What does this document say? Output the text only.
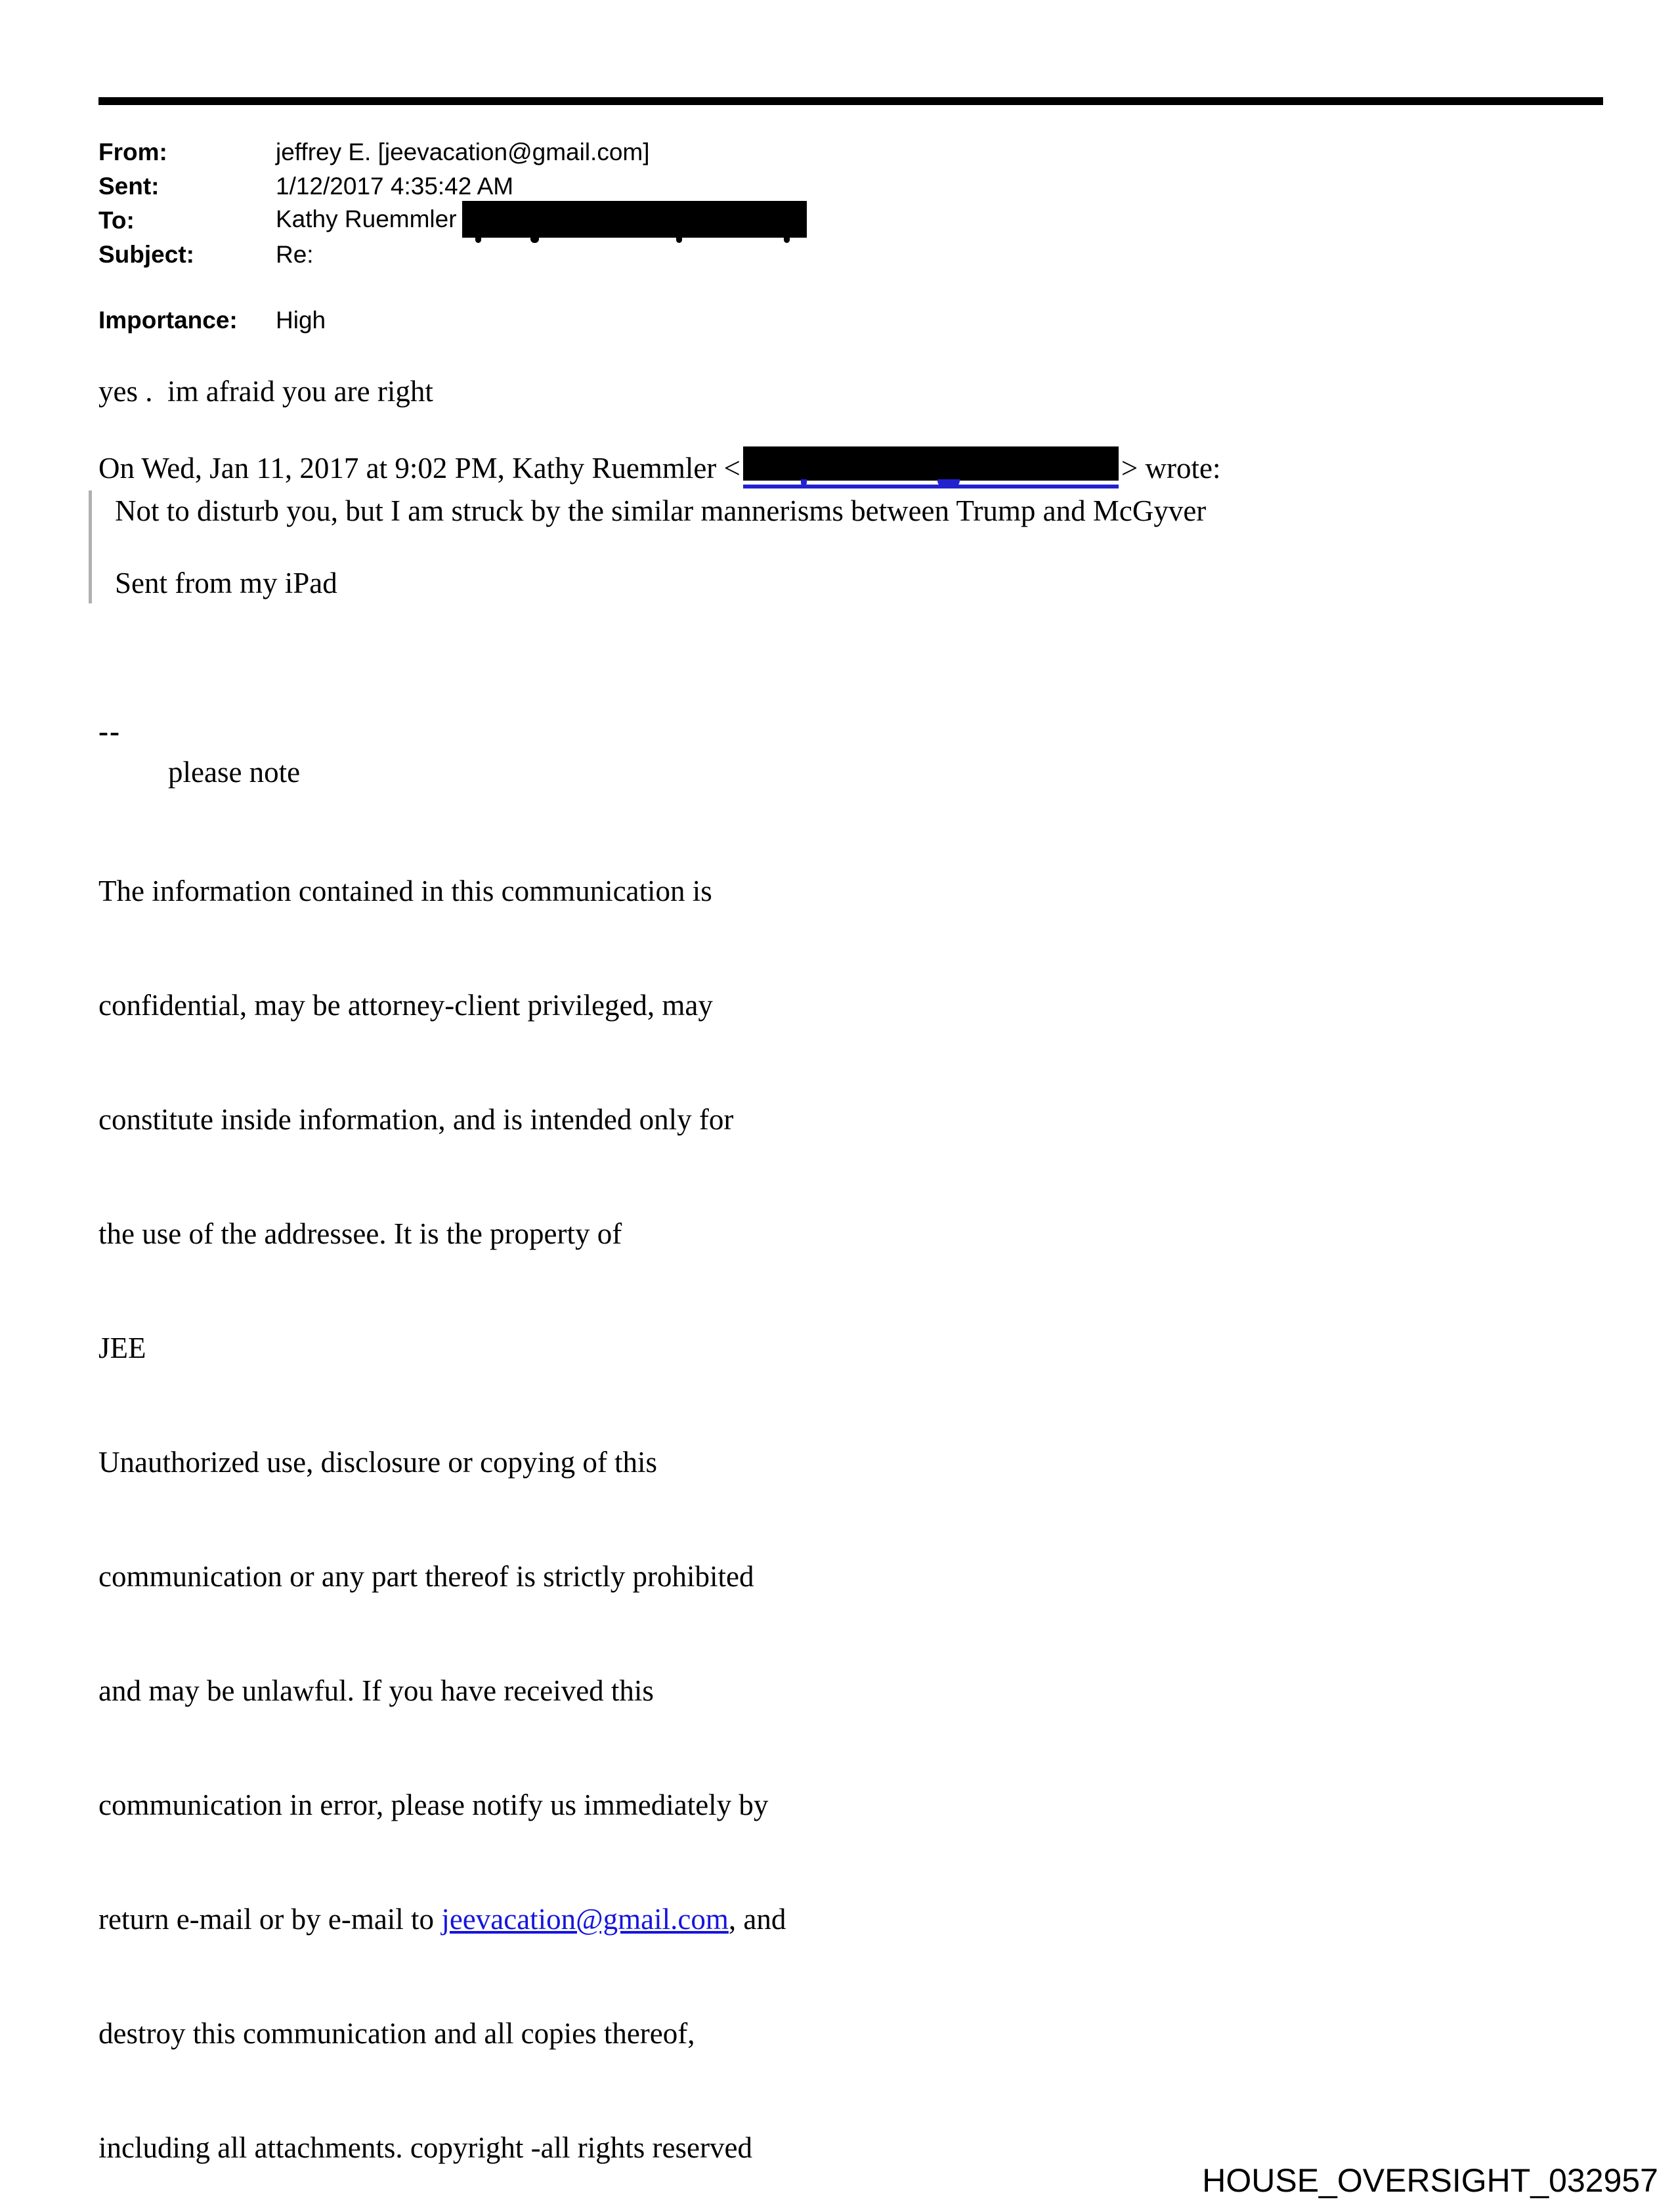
From:	jeffrey E. [jeevacation@gmail.com]
Sent:	1/12/2017 4:35:42 AM
To:	Kathy Ruemmler
Subject:	Re:
Importance:	High
yes .  im afraid you are right
On Wed, Jan 11, 2017 at 9:02 PM, Kathy Ruemmler <	> wrote:
Not to disturb you, but I am struck by the similar mannerisms between Trump and McGyver
Sent from my iPad
--
please note

The information contained in this communication is

confidential, may be attorney-client privileged, may

constitute inside information, and is intended only for

the use of the addressee. It is the property of

JEE

Unauthorized use, disclosure or copying of this

communication or any part thereof is strictly prohibited

and may be unlawful. If you have received this

communication in error, please notify us immediately by

return e-mail or by e-mail to jeevacation@gmail.com, and

destroy this communication and all copies thereof,

including all attachments. copyright -all rights reserved

HOUSE_OVERSIGHT_032957
